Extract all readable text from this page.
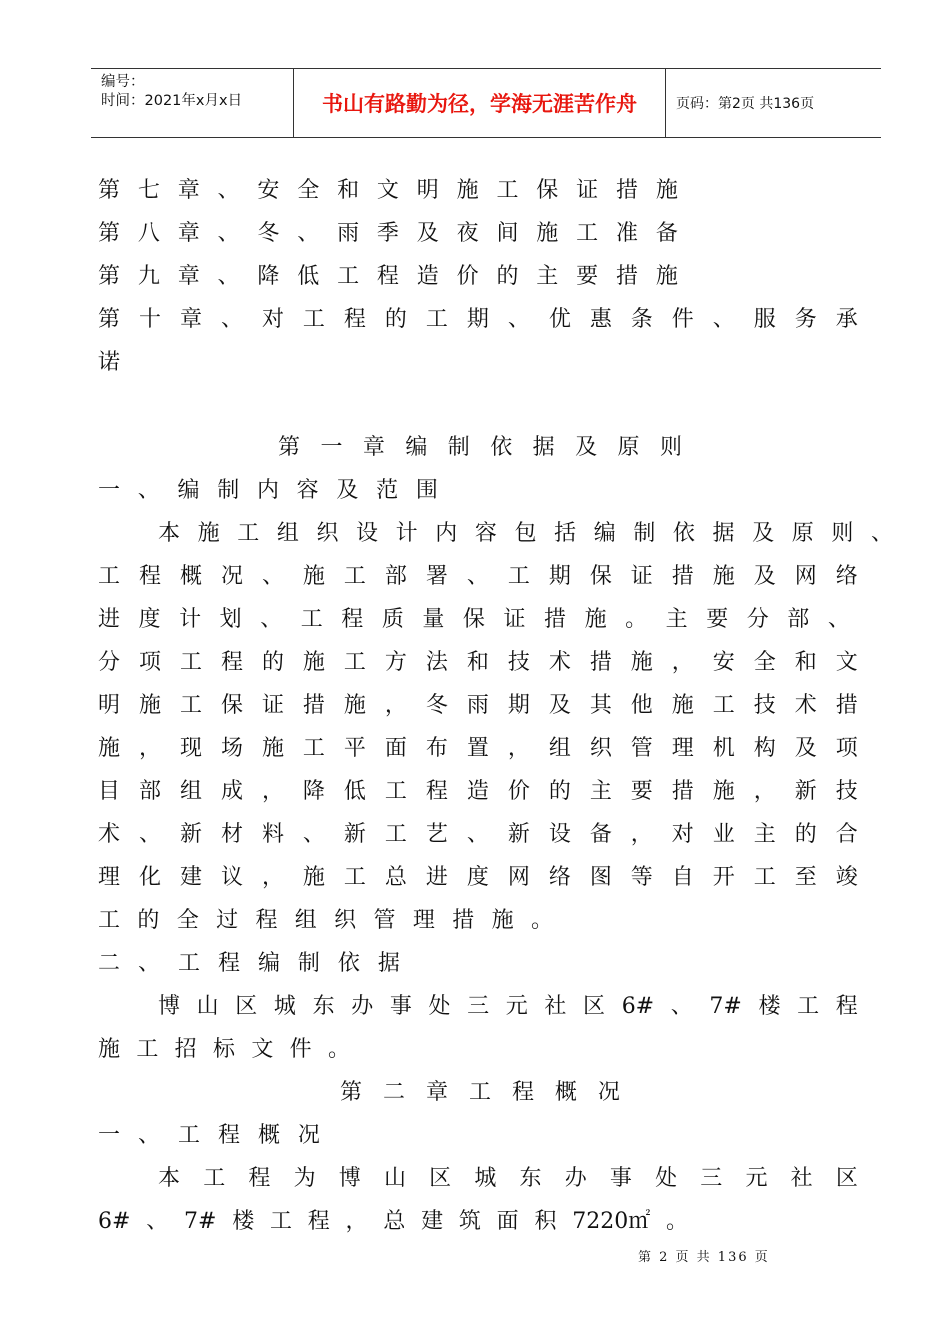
编号：
时间：2021年x月x日	书山有路勤为径，学海无涯苦作舟	页码：第2页 共136页
第 七 章 、 安 全 和 文 明 施 工 保 证 措 施
第 八 章 、 冬 、 雨 季 及 夜 间 施 工 准 备
第 九 章 、 降 低 工 程 造 价 的 主 要 措 施
第 十 章 、 对 工 程 的 工 期 、 优 惠 条 件 、 服 务 承
诺
第 一 章 编 制 依 据 及 原 则
一 、 编 制 内 容 及 范 围
本 施 工 组 织 设 计 内 容 包 括 编 制 依 据 及 原 则 、
工 程 概 况 、 施 工 部 署 、 工 期 保 证 措 施 及 网 络
进 度 计 划 、 工 程 质 量 保 证 措 施 。 主 要 分 部 、
分 项 工 程 的 施 工 方 法 和 技 术 措 施 ， 安 全 和 文
明 施 工 保 证 措 施 ， 冬 雨 期 及 其 他 施 工 技 术 措
施 ， 现 场 施 工 平 面 布 置 ， 组 织 管 理 机 构 及 项
目 部 组 成 ， 降 低 工 程 造 价 的 主 要 措 施 ， 新 技
术 、 新 材 料 、 新 工 艺 、 新 设 备 ， 对 业 主 的 合
理 化 建 议 ， 施 工 总 进 度 网 络 图 等 自 开 工 至 竣
工 的 全 过 程 组 织 管 理 措 施 。
二 、 工 程 编 制 依 据
博 山 区 城 东 办 事 处 三 元 社 区 6# 、 7# 楼 工 程
施 工 招 标 文 件 。
第 二 章 工 程 概 况
一 、 工 程 概 况
本 工 程 为 博 山 区 城 东 办 事 处 三 元 社 区
6# 、 7# 楼 工 程 ， 总 建 筑 面 积 7220㎡ 。
第 2 页 共 136 页
